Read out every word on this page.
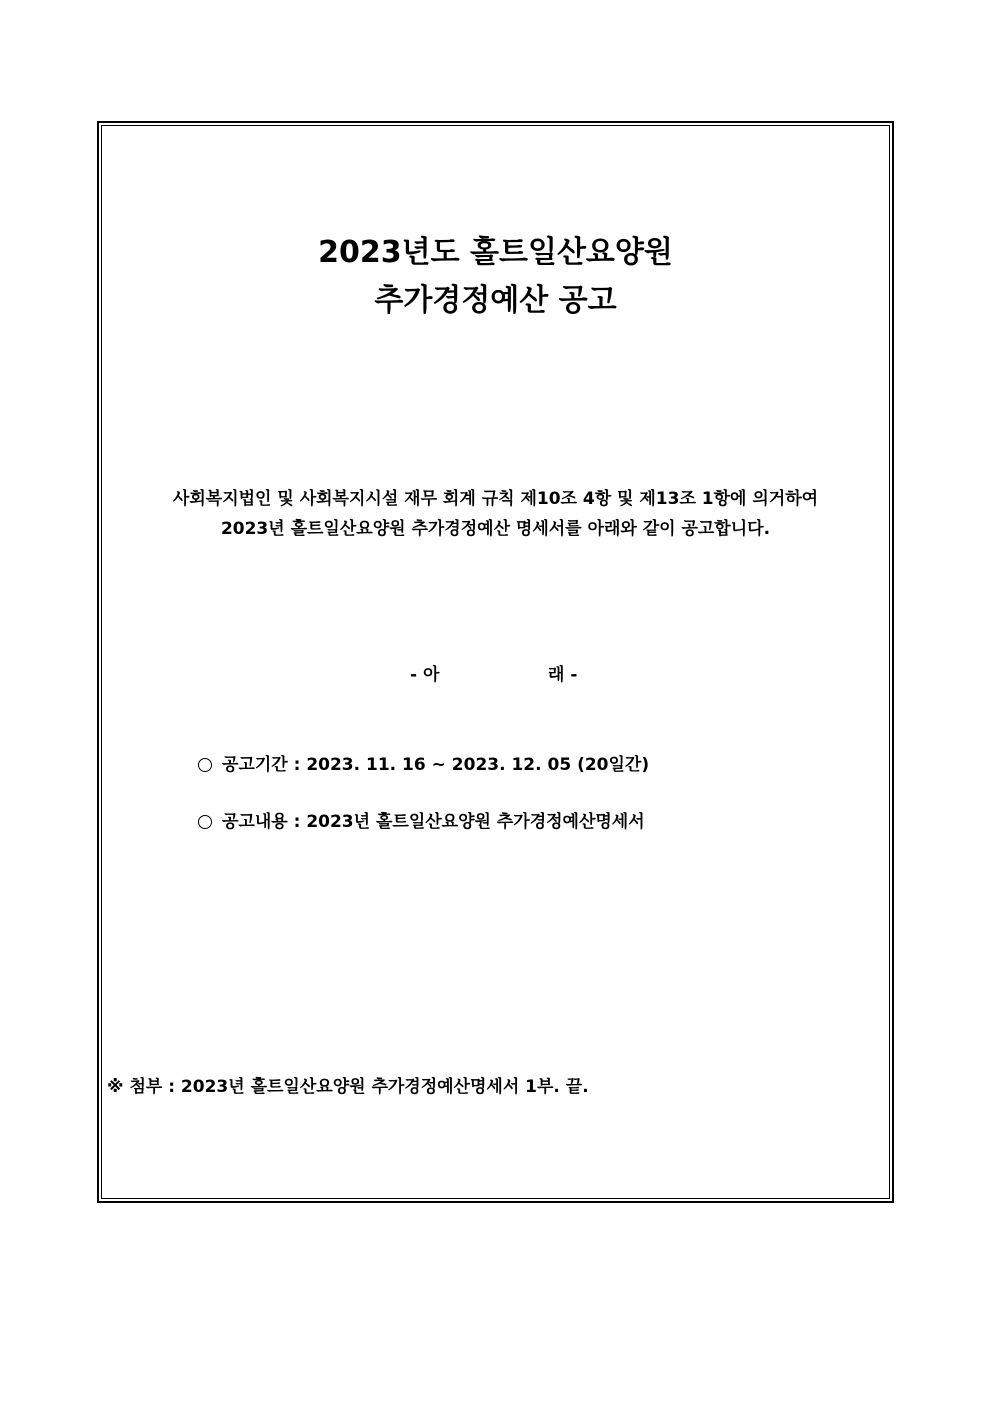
2023년도 홀트일산요양원
추가경정예산 공고
사회복지법인 및 사회복지시설 재무 회계 규칙 제10조 4항 및 제13조 1항에 의거하여
2023년 홀트일산요양원 추가경정예산 명세서를 아래와 같이 공고합니다.
- 아	래 -
공고기간 : 2023. 11. 16 ~ 2023. 12. 05 (20일간)
공고내용 : 2023년 홀트일산요양원 추가경정예산명세서
※ 첨부 : 2023년 홀트일산요양원 추가경정예산명세서 1부. 끝.
